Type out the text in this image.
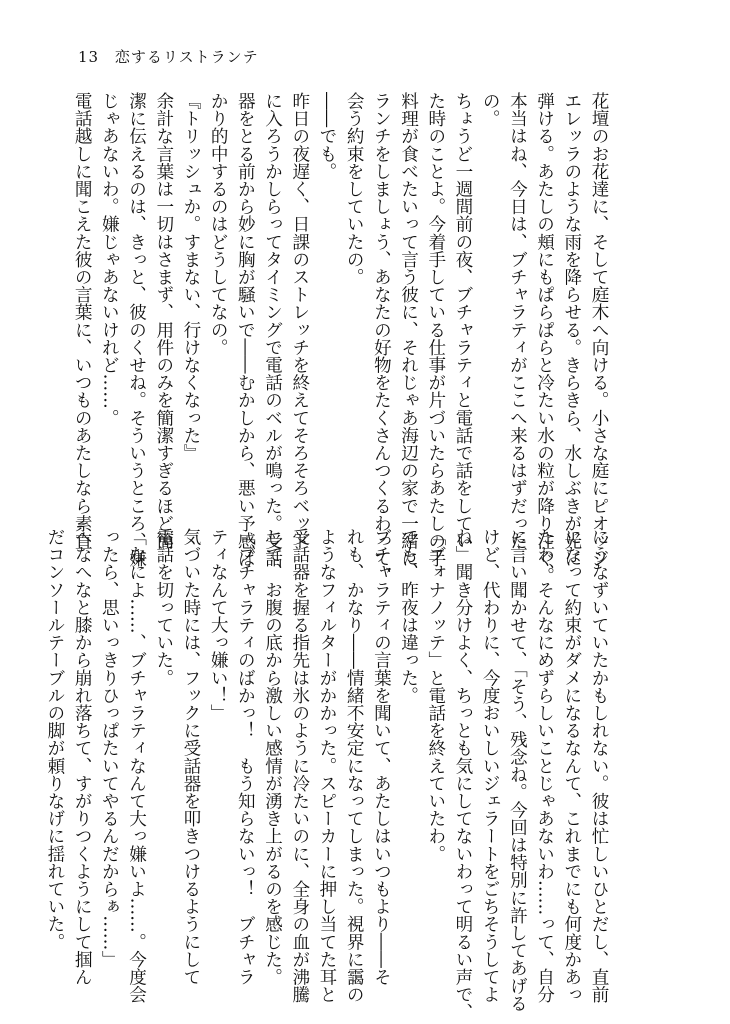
13 恋するリストランテ
花壇のお花達に、そして庭木へ向ける。小さな庭にピオッジ
エレッラのような雨を降らせる。きらきら、水しぶきが光に
弾ける。あたしの頬にもぱらぱらと冷たい水の粒が降り注ぐ。
本当はね、今日は、ブチャラティがここへ来るはずだった
の。
ちょうど一週間前の夜、ブチャラティと電話で話をしてい
た時のことよ。今着手している仕事が片づいたらあたしの手
料理が食べたいって言う彼に、それじゃあ海辺の家で一緒に
ランチをしましょう、あなたの好物をたくさんつくるわって、
会う約束をしていたの。
――でも。
昨日の夜遅く、日課のストレッチを終えてそろそろベッド
に入ろうかしらってタイミングで電話のベルが鳴った。受話
器をとる前から妙に胸が騒いで――むかしから、悪い予感ば
かり的中するのはどうしてなの。
『トリッシュか。すまない、行けなくなった』
余計な言葉は一切はさまず、用件のみを簡潔すぎるほど簡
潔に伝えるのは、きっと、彼のくせね。そういうところ、嫌
じゃあないわ。嫌じゃあないけれど……。
電話越しに聞こえた彼の言葉に、いつものあたしなら素直
にうなずいていたかもしれない。彼は忙しいひとだし、直前
になって約束がダメになるなんて、これまでにも何度かあっ
たわ、そんなにめずらしいことじゃあないわ……って、自分
に言い聞かせて、「そう、残念ね。今回は特別に許してあげる
けど、代わりに、今度おいしいジェラートをごちそうしてよ
ね」聞き分けよく、ちっとも気にしてないわって明るい声で、
「ブォナノッテ」と電話を終えていたわ。
でも、昨夜は違った。
ブチャラティの言葉を聞いて、あたしはいつもより――そ
れも、かなり――情緒不安定になってしまった。視界に靄の
ようなフィルターがかかった。スピーカーに押し当てた耳と
受話器を握る指先は氷のように冷たいのに、全身の血が沸騰
して、お腹の底から激しい感情が湧き上がるのを感じた。
「ブチャラティのばかっ！　もう知らないっ！　ブチャラ
ティなんて大っ嫌い！」
気づいた時には、フックに受話器を叩きつけるようにして
電話を切っていた。
「なによ……、ブチャラティなんて大っ嫌いよ……。今度会
ったら、思いっきりひっぱたいてやるんだからぁ……」
へなへなと膝から崩れ落ちて、すがりつくようにして掴ん
だコンソールテーブルの脚が頼りなげに揺れていた。
